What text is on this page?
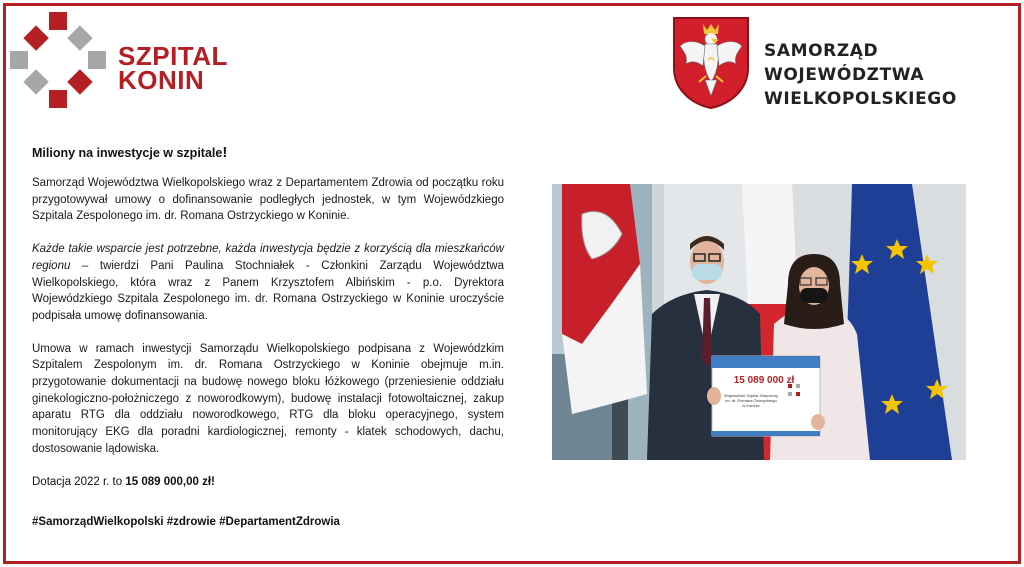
SZPITAL
KONIN
SAMORZĄD WOJEWÓDZTWA
WIELKOPOLSKIEGO
Miliony na inwestycje w szpitale!

Samorząd Województwa Wielkopolskiego wraz z Departamentem Zdrowia od początku roku przygotowywał umowy o dofinansowanie podległych jednostek, w tym Wojewódzkiego Szpitala Zespolonego im. dr. Romana Ostrzyckiego w Koninie.

Każde takie wsparcie jest potrzebne, każda inwestycja będzie z korzyścią dla mieszkańców regionu – twierdzi Pani Paulina Stochniałek - Członkini Zarządu Województwa Wielkopolskiego, która wraz z Panem Krzysztofem Albińskim - p.o. Dyrektora Wojewódzkiego Szpitala Zespolonego im. dr. Romana Ostrzyckiego w Koninie uroczyście podpisała umowę dofinansowania.

Umowa w ramach inwestycji Samorządu Wielkopolskiego podpisana z Wojewódzkim Szpitalem Zespolonym im. dr. Romana Ostrzyckiego w Koninie obejmuje m.in. przygotowanie dokumentacji na budowę nowego bloku łóżkowego (przeniesienie oddziału ginekologiczno-położniczego z noworodkowym), budowę instalacji fotowoltaicznej, zakup aparatu RTG dla oddziału noworodkowego, RTG dla bloku operacyjnego, system monitorujący EKG dla poradni kardiologicznej, remonty - klatek schodowych, dachu, dostosowanie lądowiska.

Dotacja 2022 r. to 15 089 000,00 zł!

#SamorządWielkopolski #zdrowie #DepartamentZdrowia

15 089 000 zł
Wojewódzki Szpital Zespolony
im. dr. Romana Ostrzyckiego
w Koninie
